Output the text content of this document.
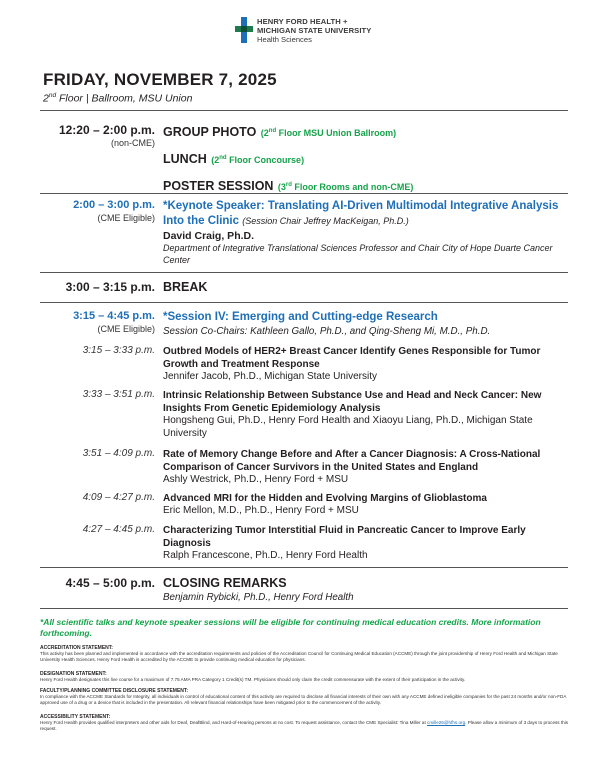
HENRY FORD HEALTH +
MICHIGAN STATE UNIVERSITY
Health Sciences
FRIDAY, NOVEMBER 7, 2025
2nd Floor | Ballroom, MSU Union
12:20 – 2:00 p.m.
(non-CME)
GROUP PHOTO (2nd Floor MSU Union Ballroom)
LUNCH (2nd Floor Concourse)
POSTER SESSION (3rd Floor Rooms and non-CME)
2:00 – 3:00 p.m.
(CME Eligible)
*Keynote Speaker: Translating AI-Driven Multimodal Integrative Analysis Into the Clinic (Session Chair Jeffrey MacKeigan, Ph.D.)
David Craig, Ph.D.
Department of Integrative Translational Sciences Professor and Chair City of Hope Duarte Cancer Center
3:00 – 3:15 p.m. BREAK
3:15 – 4:45 p.m.
(CME Eligible)
*Session IV: Emerging and Cutting-edge Research
Session Co-Chairs: Kathleen Gallo, Ph.D., and Qing-Sheng Mi, M.D., Ph.D.
3:15 – 3:33 p.m. Outbred Models of HER2+ Breast Cancer Identify Genes Responsible for Tumor Growth and Treatment Response
Jennifer Jacob, Ph.D., Michigan State University
3:33 – 3:51 p.m. Intrinsic Relationship Between Substance Use and Head and Neck Cancer: New Insights From Genetic Epidemiology Analysis
Hongsheng Gui, Ph.D., Henry Ford Health and Xiaoyu Liang, Ph.D., Michigan State University
3:51 – 4:09 p.m. Rate of Memory Change Before and After a Cancer Diagnosis: A Cross-National Comparison of Cancer Survivors in the United States and England
Ashly Westrick, Ph.D., Henry Ford + MSU
4:09 – 4:27 p.m. Advanced MRI for the Hidden and Evolving Margins of Glioblastoma
Eric Mellon, M.D., Ph.D., Henry Ford + MSU
4:27 – 4:45 p.m. Characterizing Tumor Interstitial Fluid in Pancreatic Cancer to Improve Early Diagnosis
Ralph Francescone, Ph.D., Henry Ford Health
4:45 – 5:00 p.m. CLOSING REMARKS
Benjamin Rybicki, Ph.D., Henry Ford Health
*All scientific talks and keynote speaker sessions will be eligible for continuing medical education credits. More information forthcoming.
ACCREDITATION STATEMENT:
This activity has been planned and implemented in accordance with the accreditation requirements and policies of the Accreditation Council for Continuing Medical Education (ACCME) through the joint providership of Henry Ford Health and Michigan State University Health Sciences. Henry Ford Health is accredited by the ACCME to provide continuing medical education for physicians.
DESIGNATION STATEMENT:
Henry Ford Health designates this live course for a maximum of 7.75 AMA PRA Category 1 Credit(s) TM. Physicians should only claim the credit commensurate with the extent of their participation in the activity.
FACULTY/PLANNING COMMITTEE DISCLOSURE STATEMENT:
In compliance with the ACCME Standards for Integrity, all individuals in control of educational content of this activity are required to disclose all financial interests of their own with any ACCME defined ineligible companies for the past 24 months and/or non-FDA approved use of a drug or a device that is included in the presentation. All relevant financial relationships have been mitigated prior to the commencement of the activity.
ACCESSIBILITY STATEMENT:
Henry Ford Health provides qualified interpreters and other aids for Deaf, DeafBlind, and Hard-of-Hearing persons at no cost. To request assistance, contact the CME Specialist: Tina Miller at cmille26@hfhs.org. Please allow a minimum of 3 days to process this request.
